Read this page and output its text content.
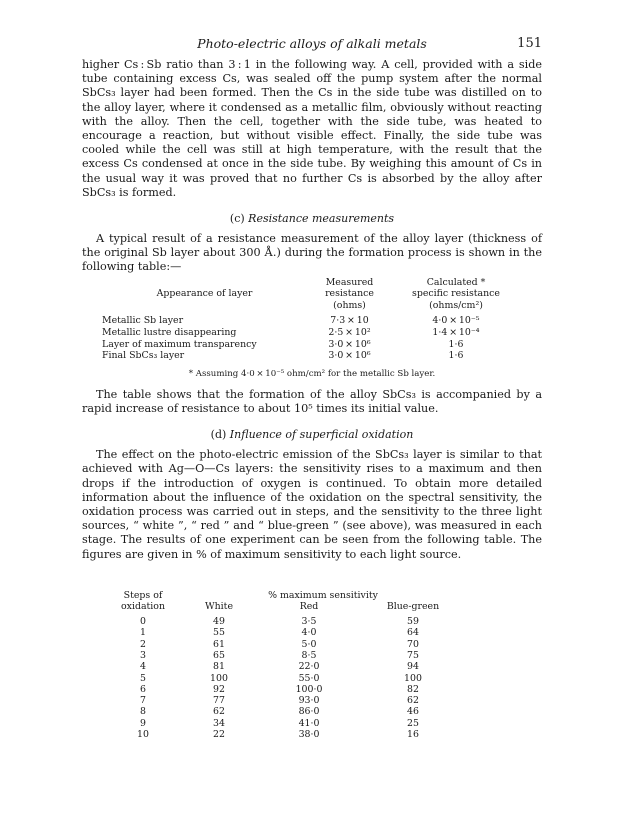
Photo-electric alloys of alkali metals	151

higher Cs : Sb ratio than 3 : 1 in the following way. A cell, provided with a side tube containing excess Cs, was sealed off the pump system after the normal SbCs₃ layer had been formed. Then the Cs in the side tube was distilled on to the alloy layer, where it condensed as a metallic film, obviously without reacting with the alloy. Then the cell, together with the side tube, was heated to encourage a reaction, but without visible effect. Finally, the side tube was cooled while the cell was still at high temperature, with the result that the excess Cs condensed at once in the side tube. By weighing this amount of Cs in the usual way it was proved that no further Cs is absorbed by the alloy after SbCs₃ is formed.

(c) Resistance measurements

A typical result of a resistance measurement of the alloy layer (thickness of the original Sb layer about 300 Å.) during the formation process is shown in the following table:—

	Measured	Calculated *
Appearance of layer	resistance	specific resistance
	(ohms)	(ohms/cm²)
Metallic Sb layer	7·3 × 10	4·0 × 10⁻⁵
Metallic lustre disappearing	2·5 × 10²	1·4 × 10⁻⁴
Layer of maximum transparency	3·0 × 10⁶	1·6
Final SbCs₃ layer	3·0 × 10⁶	1·6
* Assuming 4·0 × 10⁻⁵ ohm/cm² for the metallic Sb layer.

The table shows that the formation of the alloy SbCs₃ is accompanied by a rapid increase of resistance to about 10⁵ times its initial value.

(d) Influence of superficial oxidation

The effect on the photo-electric emission of the SbCs₃ layer is similar to that achieved with Ag—O—Cs layers: the sensitivity rises to a maximum and then drops if the introduction of oxygen is continued. To obtain more detailed information about the influence of the oxidation on the spectral sensitivity, the oxidation process was carried out in steps, and the sensitivity to the three light sources, “ white ”, “ red ” and “ blue-green ” (see above), was measured in each stage. The results of one experiment can be seen from the following table. The figures are given in % of maximum sensitivity to each light source.

Steps of	% maximum sensitivity		
oxidation	White	Red	Blue-green
0	49	3·5	59
1	55	4·0	64
2	61	5·0	70
3	65	8·5	75
4	81	22·0	94
5	100	55·0	100
6	92	100·0	82
7	77	93·0	62
8	62	86·0	46
9	34	41·0	25
10	22	38·0	16
